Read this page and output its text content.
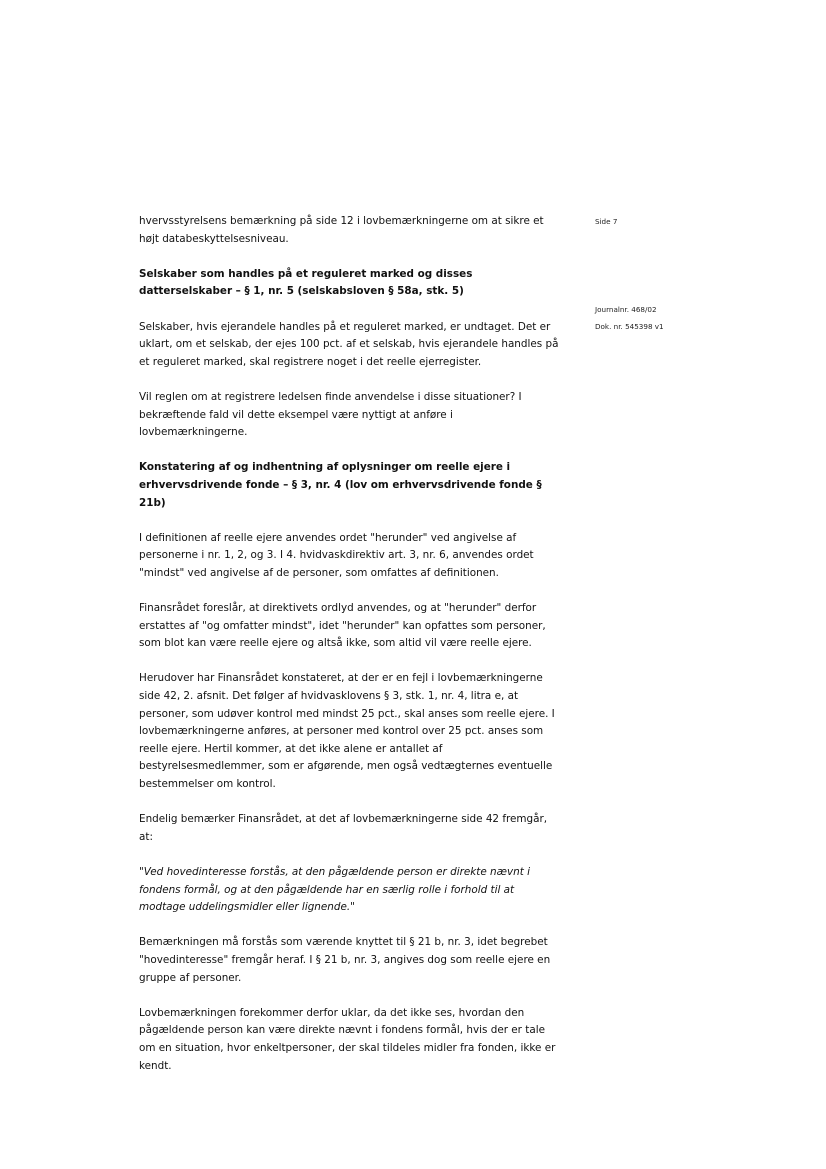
Side 7
Journalnr. 468/02
Dok. nr. 545398 v1

hvervsstyrelsens bemærkning på side 12 i lovbemærkningerne om at sikre et højt databeskyttelsesniveau.

Selskaber som handles på et reguleret marked og disses datterselskaber – § 1, nr. 5 (selskabsloven § 58a, stk. 5)

Selskaber, hvis ejerandele handles på et reguleret marked, er undtaget. Det er uklart, om et selskab, der ejes 100 pct. af et selskab, hvis ejerandele handles på et reguleret marked, skal registrere noget i det reelle ejerregister.

Vil reglen om at registrere ledelsen finde anvendelse i disse situationer? I bekræftende fald vil dette eksempel være nyttigt at anføre i lovbemærkningerne.

Konstatering af og indhentning af oplysninger om reelle ejere i erhvervsdrivende fonde – § 3, nr. 4 (lov om erhvervsdrivende fonde § 21b)

I definitionen af reelle ejere anvendes ordet "herunder" ved angivelse af personerne i nr. 1, 2, og 3. I 4. hvidvaskdirektiv art. 3, nr. 6, anvendes ordet "mindst" ved angivelse af de personer, som omfattes af definitionen.

Finansrådet foreslår, at direktivets ordlyd anvendes, og at "herunder" derfor erstattes af "og omfatter mindst", idet "herunder" kan opfattes som personer, som blot kan være reelle ejere og altså ikke, som altid vil være reelle ejere.

Herudover har Finansrådet konstateret, at der er en fejl i lovbemærkningerne side 42, 2. afsnit. Det følger af hvidvasklovens § 3, stk. 1, nr. 4, litra e, at personer, som udøver kontrol med mindst 25 pct., skal anses som reelle ejere. I lovbemærkningerne anføres, at personer med kontrol over 25 pct. anses som reelle ejere. Hertil kommer, at det ikke alene er antallet af bestyrelsesmedlemmer, som er afgørende, men også vedtægternes eventuelle bestemmelser om kontrol.

Endelig bemærker Finansrådet, at det af lovbemærkningerne side 42 fremgår, at:

"Ved hovedinteresse forstås, at den pågældende person er direkte nævnt i fondens formål, og at den pågældende har en særlig rolle i forhold til at modtage uddelingsmidler eller lignende."

Bemærkningen må forstås som værende knyttet til § 21 b, nr. 3, idet begrebet "hovedinteresse" fremgår heraf. I § 21 b, nr. 3, angives dog som reelle ejere en gruppe af personer.

Lovbemærkningen forekommer derfor uklar, da det ikke ses, hvordan den pågældende person kan være direkte nævnt i fondens formål, hvis der er tale om en situation, hvor enkeltpersoner, der skal tildeles midler fra fonden, ikke er kendt.
